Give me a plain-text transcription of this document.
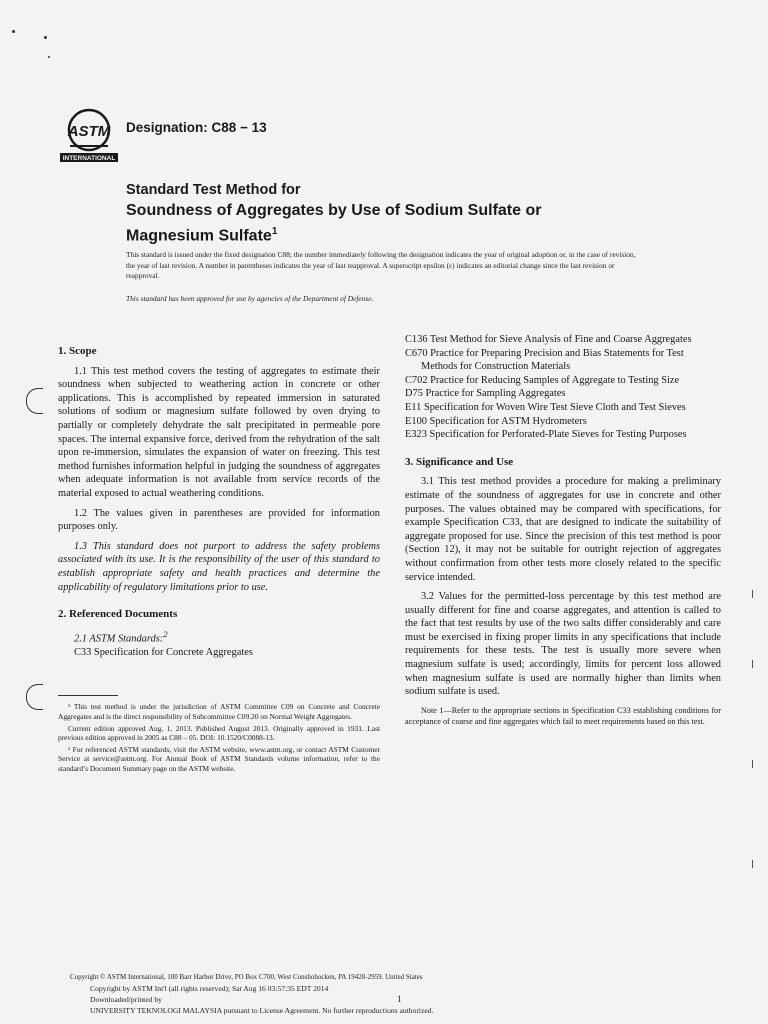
ASTM
INTERNATIONAL
Designation: C88 − 13
Standard Test Method for
Soundness of Aggregates by Use of Sodium Sulfate or Magnesium Sulfate$^1$
This standard is issued under the fixed designation C88; the number immediately following the designation indicates the year of original adoption or, in the case of revision, the year of last revision. A number in parentheses indicates the year of last reapproval. A superscript epsilon (ε) indicates an editorial change since the last revision or reapproval.
This standard has been approved for use by agencies of the Department of Defense.
1. Scope

1.1 This test method covers the testing of aggregates to estimate their soundness when subjected to weathering action in concrete or other applications. This is accomplished by repeated immersion in saturated solutions of sodium or magnesium sulfate followed by oven drying to partially or completely dehydrate the salt precipitated in permeable pore spaces. The internal expansive force, derived from the rehydration of the salt upon re-immersion, simulates the expansion of water on freezing. This test method furnishes information helpful in judging the soundness of aggregates when adequate information is not available from service records of the material exposed to actual weathering conditions.

1.2 The values given in parentheses are provided for information purposes only.

1.3 This standard does not purport to address the safety problems associated with its use. It is the responsibility of the user of this standard to establish appropriate safety and health practices and determine the applicability of regulatory limitations prior to use.

2. Referenced Documents

2.1 ASTM Standards:$^2$

C33 Specification for Concrete Aggregates

¹ This test method is under the jurisdiction of ASTM Committee C09 on Concrete and Concrete Aggregates and is the direct responsibility of Subcommittee C09.20 on Normal Weight Aggregates.

Current edition approved Aug. 1, 2013. Published August 2013. Originally approved in 1931. Last previous edition approved in 2005 as C88 – 05. DOI: 10.1520/C0088-13.

² For referenced ASTM standards, visit the ASTM website, www.astm.org, or contact ASTM Customer Service at service@astm.org. For Annual Book of ASTM Standards volume information, refer to the standard’s Document Summary page on the ASTM website.

C136 Test Method for Sieve Analysis of Fine and Coarse Aggregates
C670 Practice for Preparing Precision and Bias Statements for Test Methods for Construction Materials
C702 Practice for Reducing Samples of Aggregate to Testing Size
D75 Practice for Sampling Aggregates
E11 Specification for Woven Wire Test Sieve Cloth and Test Sieves
E100 Specification for ASTM Hydrometers
E323 Specification for Perforated-Plate Sieves for Testing Purposes
3. Significance and Use

3.1 This test method provides a procedure for making a preliminary estimate of the soundness of aggregates for use in concrete and other purposes. The values obtained may be compared with specifications, for example Specification C33, that are designed to indicate the suitability of aggregate proposed for use. Since the precision of this test method is poor (Section 12), it may not be suitable for outright rejection of aggregates without confirmation from other tests more closely related to the specific service intended.

3.2 Values for the permitted-loss percentage by this test method are usually different for fine and coarse aggregates, and attention is called to the fact that test results by use of the two salts differ considerably and care must be exercised in fixing proper limits in any specifications that include requirements for these tests. The test is usually more severe when magnesium sulfate is used; accordingly, limits for percent loss allowed when magnesium sulfate is used are normally higher than limits when sodium sulfate is used.

Note 1—Refer to the appropriate sections in Specification C33 establishing conditions for acceptance of coarse and fine aggregates which fail to meet requirements based on this test.

Copyright © ASTM International, 100 Barr Harbor Drive, PO Box C700, West Conshohocken, PA 19428-2959. United States
Copyright by ASTM Int'l (all rights reserved); Sat Aug 16 03:57:35 EDT 2014
Downloaded/printed by
UNIVERSITY TEKNOLOGI MALAYSIA pursuant to License Agreement. No further reproductions authorized.
1
